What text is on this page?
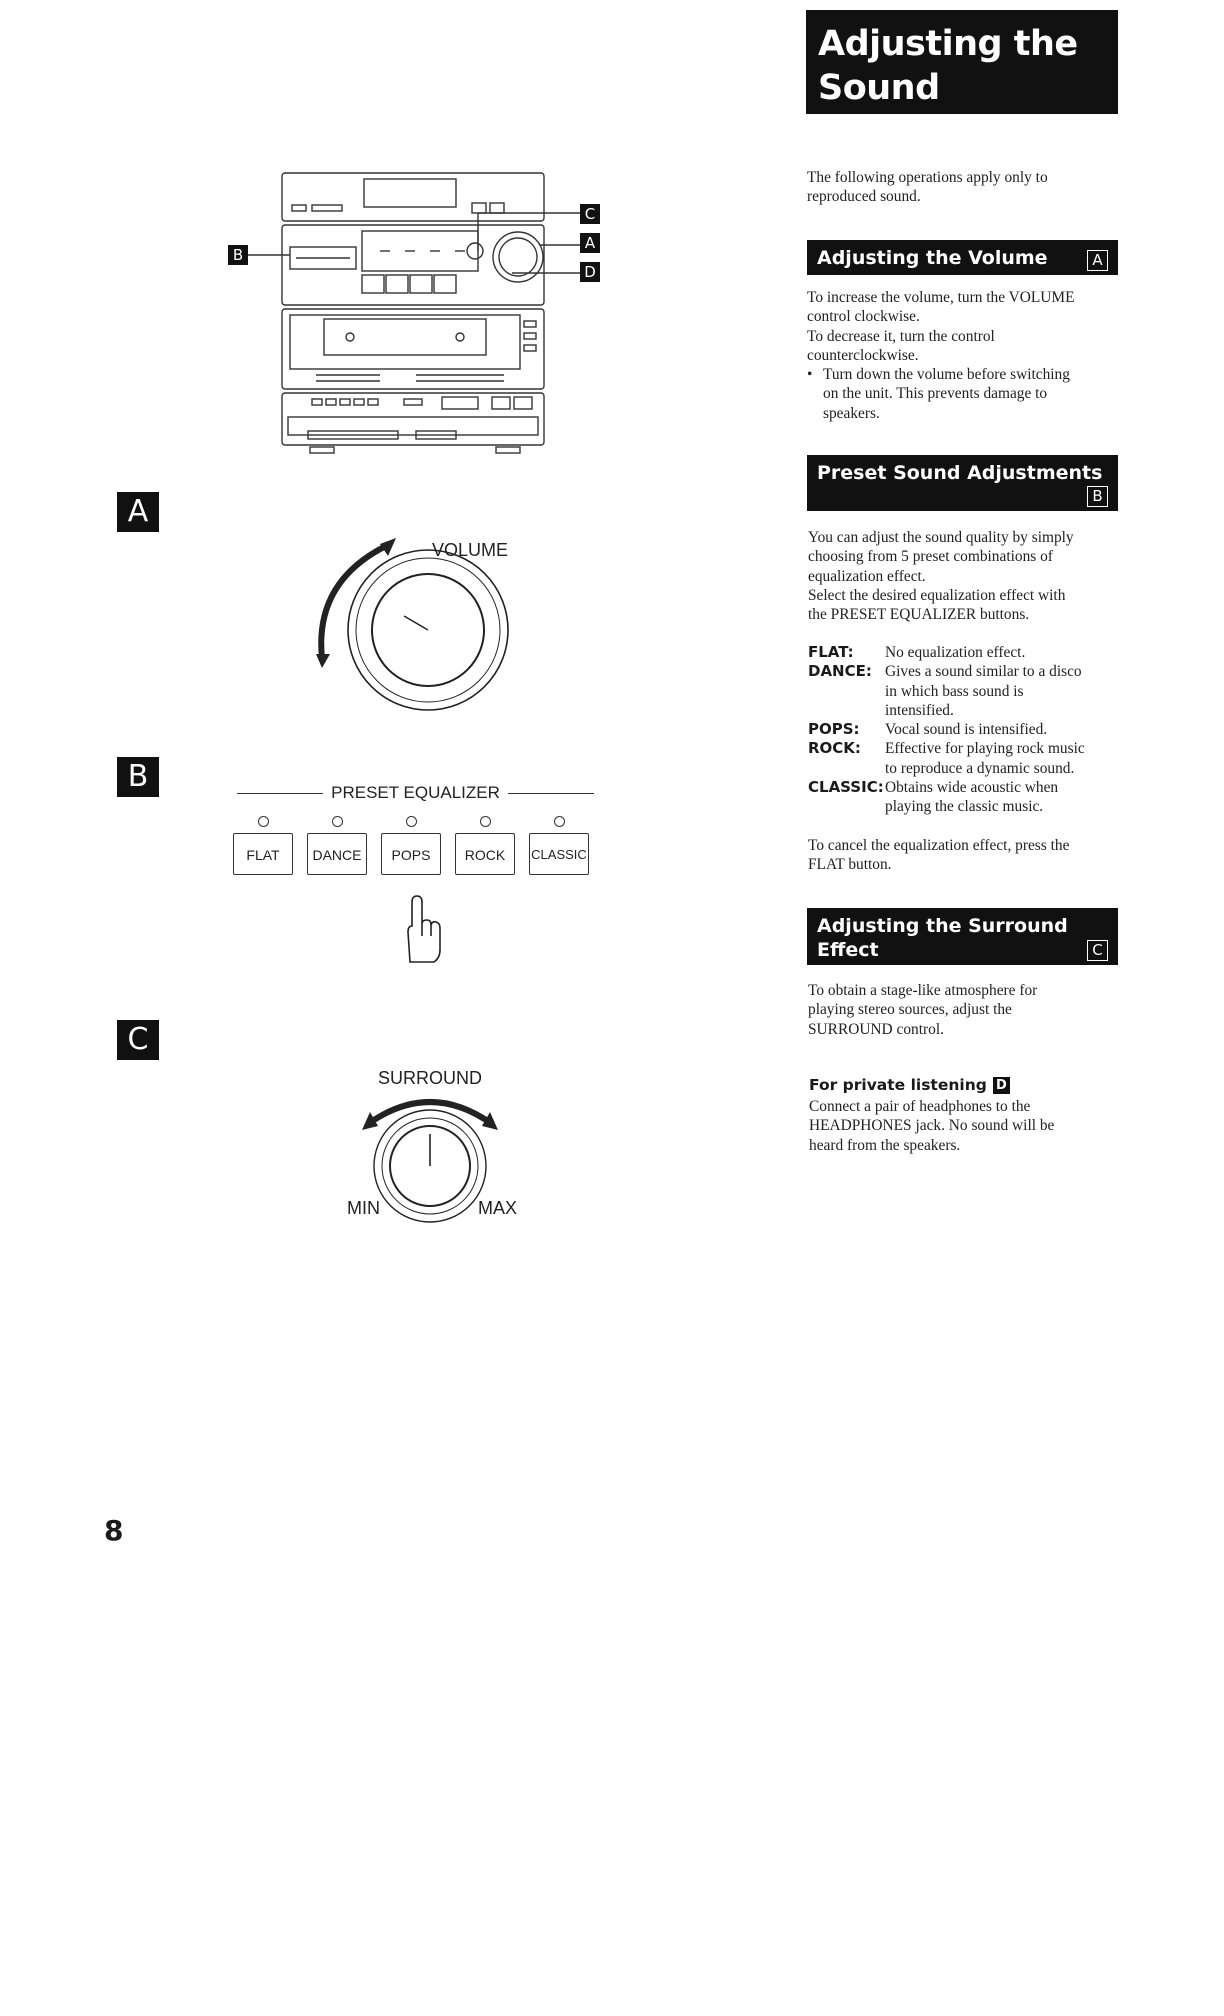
Adjusting the Sound
The following operations apply only to reproduced sound.
Adjusting the Volume	A
To increase the volume, turn the VOLUME
control clockwise.
To decrease it, turn the control
counterclockwise.
• Turn down the volume before switching
on the unit. This prevents damage to
speakers.
Preset Sound Adjustments
B
You can adjust the sound quality by simply
choosing from 5 preset combinations of
equalization effect.
Select the desired equalization effect with
the PRESET EQUALIZER buttons.
FLAT:	No equalization effect.
DANCE: Gives a sound similar to a disco
in which bass sound is
intensified.
POPS:	Vocal sound is intensified.
ROCK:	Effective for playing rock music
to reproduce a dynamic sound.
CLASSIC: Obtains wide acoustic when
playing the classic music.
To cancel the equalization effect, press the
FLAT button.
Adjusting the Surround
Effect	C
To obtain a stage-like atmosphere for
playing stereo sources, adjust the
SURROUND control.
For private listening D
Connect a pair of headphones to the
HEADPHONES jack. No sound will be
heard from the speakers.
C
A
D
B
A
VOLUME
B	PRESET EQUALIZER
FLAT	DANCE	POPS	ROCK	CLASSIC
C
SURROUND
MIN	MAX
8
